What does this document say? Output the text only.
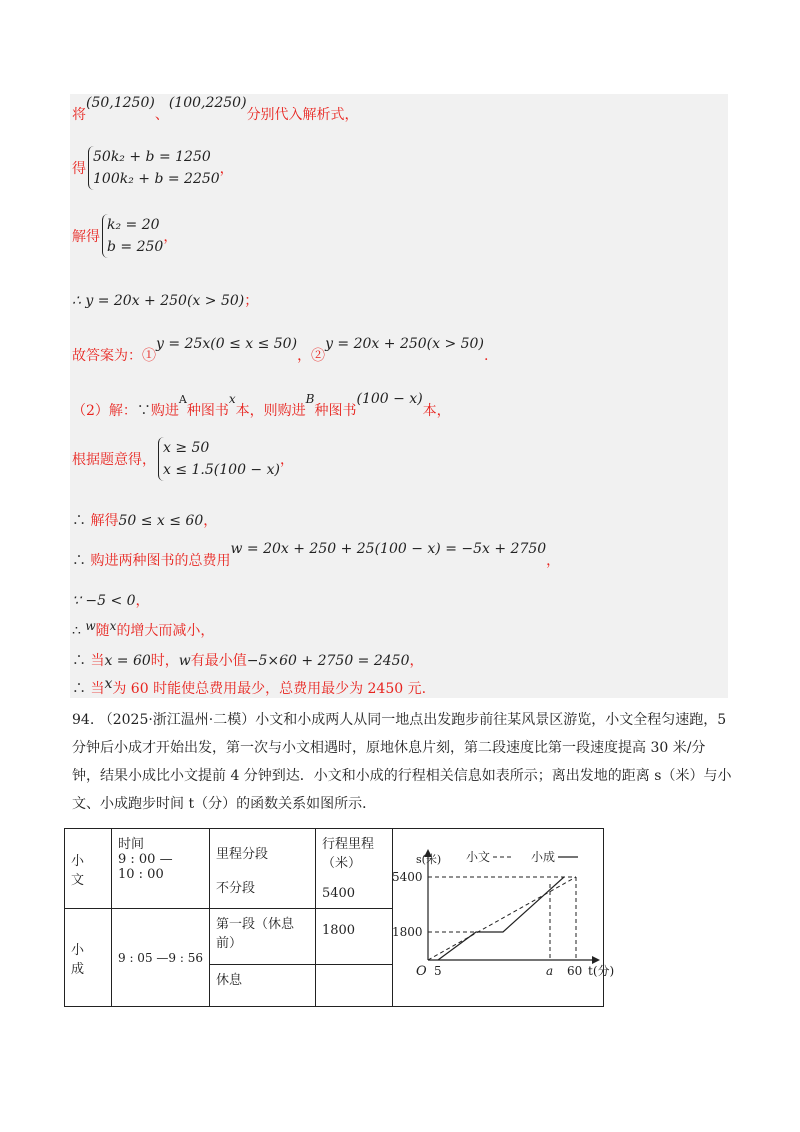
将(50,1250)、(100,2250)分别代入解析式，
得50k₂ + b = 1250
100k₂ + b = 2250，
解得k₂ = 20
b = 250，
∴ y = 20x + 250(x > 50)；
故答案为：①y = 25x(0 ≤ x ≤ 50)，②y = 20x + 250(x > 50).
（2）解：∵购进$^A$种图书x本，则购进B种图书(100 − x)本，
根据题意得，x ≥ 50
x ≤ 1.5(100 − x)，
∴ 解得50 ≤ x ≤ 60，
∴ 购进两种图书的总费用w = 20x + 250 + 25(100 − x) = −5x + 2750，
∵ −5 < 0，
∴ w随x的增大而减小，
∴ 当x = 60时，w有最小值−5×60 + 2750 = 2450，
∴ 当x为 60 时能使总费用最少，总费用最少为 2450 元.
94. （2025·浙江温州·二模）小文和小成两人从同一地点出发跑步前往某风景区游览，小文全程匀速跑，5分钟后小成才开始出发，第一次与小文相遇时，原地休息片刻，第二段速度比第一段速度提高 30 米/分钟，结果小成比小文提前 4 分钟到达．小文和小成的行程相关信息如表所示；离出发地的距离 s（米）与小文、小成跑步时间 t（分）的函数关系如图所示．
小
文	时间
9 : 00 —
10 : 00	里程分段

不分段	行程里程
（米）

5400	
小
成	9 : 05 —9 : 56	第一段（休息
前）	1800	
		休息		
s(米) 小文	小成
5400
1800
O 5	a 60 t(分)
